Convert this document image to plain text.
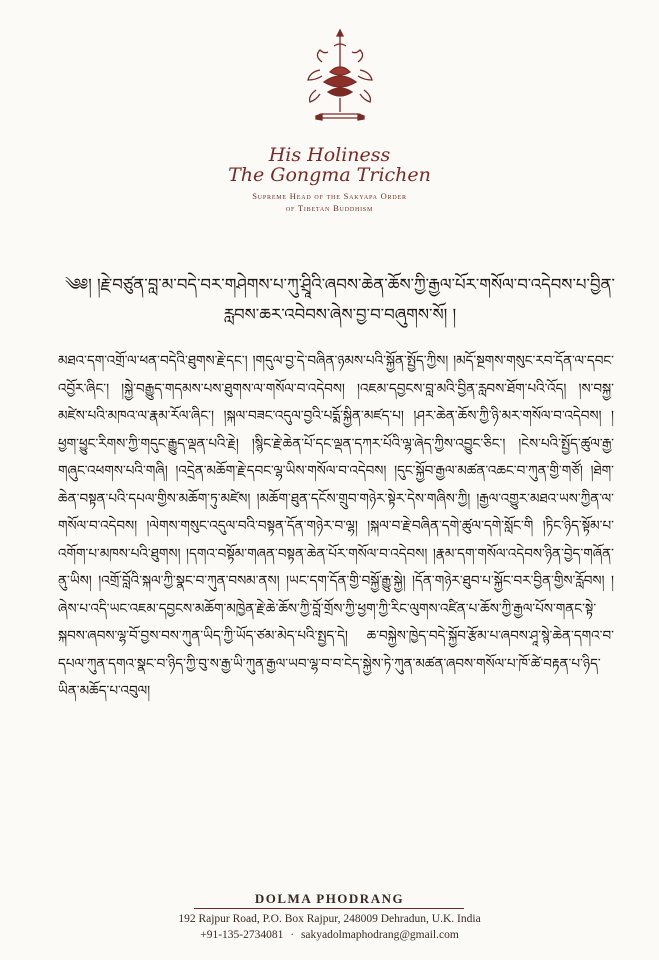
His Holiness
The Gongma Trichen
Supreme Head of the Sakyapa Order
of Tibetan Buddhism
༄༅། །རྗེ་བཙུན་བླ་མ་བདེ་བར་གཤེགས་པ་ཀུ་ཤྲཱིའི་ཞབས་ཆེན་ཆོས་ཀྱི་རྒྱལ་པོར་གསོལ་བ་འདེབས་པ་བྱིན་རླབས་ཆར་འབེབས་ཞེས་བྱ་བ་བཞུགས་སོ། །
མཐའ་དག་འགྲོ་ལ་ཕན་བདེའི་ཐུགས་རྗེ་དང་། །གདུལ་བྱ་དེ་བཞིན་ཉམས་པའི་སྐྱོན་སྤྱོད་ཀྱིས། །མདོ་སྔགས་གསུང་རབ་དོན་ལ་དབང་འབྱོར་ཞིང་། །སྐྱེ་བརྒྱུད་གདམས་པས་ཐུགས་ལ་གསོལ་བ་འདེབས། །འཇམ་དབྱངས་བླ་མའི་བྱིན་རླབས་ཐོག་པའི་འོད། །ས་བསྐྱ་མཛེས་པའི་མཁའ་ལ་རྣམ་རོལ་ཞིང་། །སྐལ་བཟང་འདུལ་བྱའི་པདྨོ་སྐྱིན་མཛད་པ། །ཤར་ཆེན་ཆོས་ཀྱི་ཉི་མར་གསོལ་བ་འདེབས། །ཕྱག་ཕྱུང་རིགས་ཀྱི་གདུང་རྒྱུད་ལྡན་པའི་རྗེ། །སྙིང་རྗེ་ཆེན་པོ་དང་ལྡན་དཀར་པོའི་ལྷ་ཞེད་ཀྱིས་འབྱུང་ཅིང་། །ངེས་པའི་སྤྱོད་ཚུལ་རྒྱ་གཞུང་འཕགས་པའི་གཞི། །འདྲེན་མཆོག་རྗེ་དབང་ལྷ་ཡིས་གསོལ་བ་འདེབས། །དུང་སྐྱོབ་རྒྱལ་མཚན་འཆང་བ་ཀུན་གྱི་གཙོ། །ཐེག་ཆེན་བསྟན་པའི་དཔལ་གྱིས་མཆོག་ཏུ་མཛེས། །མཆོག་ཐུན་དངོས་གྲུབ་གཉེར་སྟེར་དེས་གཞིས་ཀྱི། །རྒྱལ་འགྱུར་མཐའ་ཡས་ཀྱིན་ལ་གསོལ་བ་འདེབས། །ལེགས་གསུང་འདུལ་བའི་བསྟན་དོན་གཉེར་བ་ལྷ། །སྐལ་བ་རྗེ་བཞིན་དགེ་ཚུལ་དགེ་སློང་གི །ཏིང་ཉིད་སྟོམ་པ་འགོག་པ་མཁས་པའི་ཐུགས། །དགའ་བསྟོམ་གཞན་བསྟན་ཆེན་པོར་གསོལ་བ་འདེབས། །རྣམ་དག་གསོལ་འདེབས་ཉིན་བྱེད་གཞོན་ནུ་ཡིས། །འགྲོ་བློའི་སྐལ་ཀྱི་སྣང་བ་ཀུན་བསམ་ནས། །ཡང་དག་དོན་གྱི་བསྐྱོ་རྒྱུ་སྐྱེ། །དོན་གཉེར་ཐུབ་པ་སྐྱོང་བར་བྱིན་གྱིས་རློབས། །ཞེས་པ་འདི་ཡང་འཇམ་དབྱངས་མཆོག་མཁྱེན་རྗེ་ཆེ་ཆོས་ཀྱི་བློ་གྲོས་ཀྱི་ཕྱག་ཀྱི་རིང་ལུགས་འཛིན་པ་ཆོས་ཀྱི་རྒྱལ་པོས་གནང་སྟེ་སྐབས་ཞབས་ལྷ་བོ་བྱས་བས་ཀུན་ཡིད་ཀྱི་ཡོད་ཙམ་མེད་པའི་སྤྱད་དེ། ཆ་བསྐྱེས་ཁྱེད་བདེ་སྐྱོབ་རྩོམ་པ་ཞབས་ཤཱ་སྙེ་ཆེན་དགའ་བ་དཔལ་ཀུན་དགའ་སྣང་བ་ཉིད་ཀྱི་བུ་ས་རྒྱ་ཡི་ཀུན་རྒྱལ་ཡབ་ལྷ་བ་བ་ངེད་སྐྱེས་ཏེ་ཀུན་མཚན་ཞབས་གསོལ་པ་ཁོ་ཚེ་བརྟན་པ་ཉིད་ཡིན་མཆོད་པ་འབུལ།
DOLMA PHODRANG
192 Rajpur Road, P.O. Box Rajpur, 248009 Dehradun, U.K. India
+91-135-2734081 · sakyadolmaphodrang@gmail.com
